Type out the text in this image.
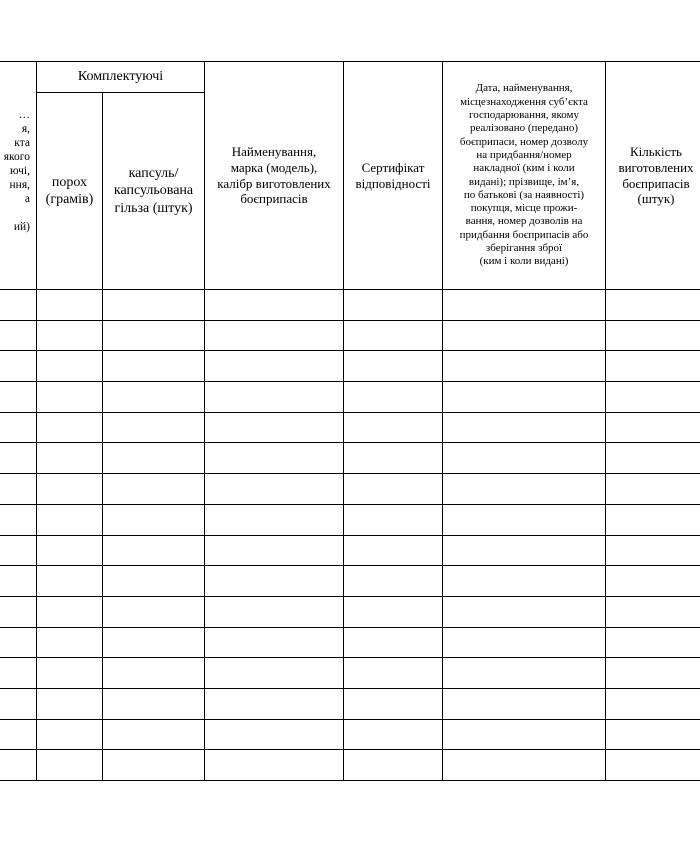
…
я,
кта
якого
ючі,
ння,
а

ий)
Комплектуючі
порох
(грамів)
капсуль/
капсульована
гільза (штук)
Найменування,
марка (модель),
калібр виготовлених
боєприпасів
Сертифікат
відповідності
Дата, найменування,
місцезнаходження суб’єкта
господарювання, якому
реалізовано (передано)
боєприпаси, номер дозволу
на придбання/номер
накладної (ким і коли
видані); прізвище, ім’я,
по батькові (за наявності)
покупця, місце прожи-
вання, номер дозволів на
придбання боєприпасів або
зберігання зброї
(ким і коли видані)
Кількість
виготовлених
боєприпасів
(штук)
